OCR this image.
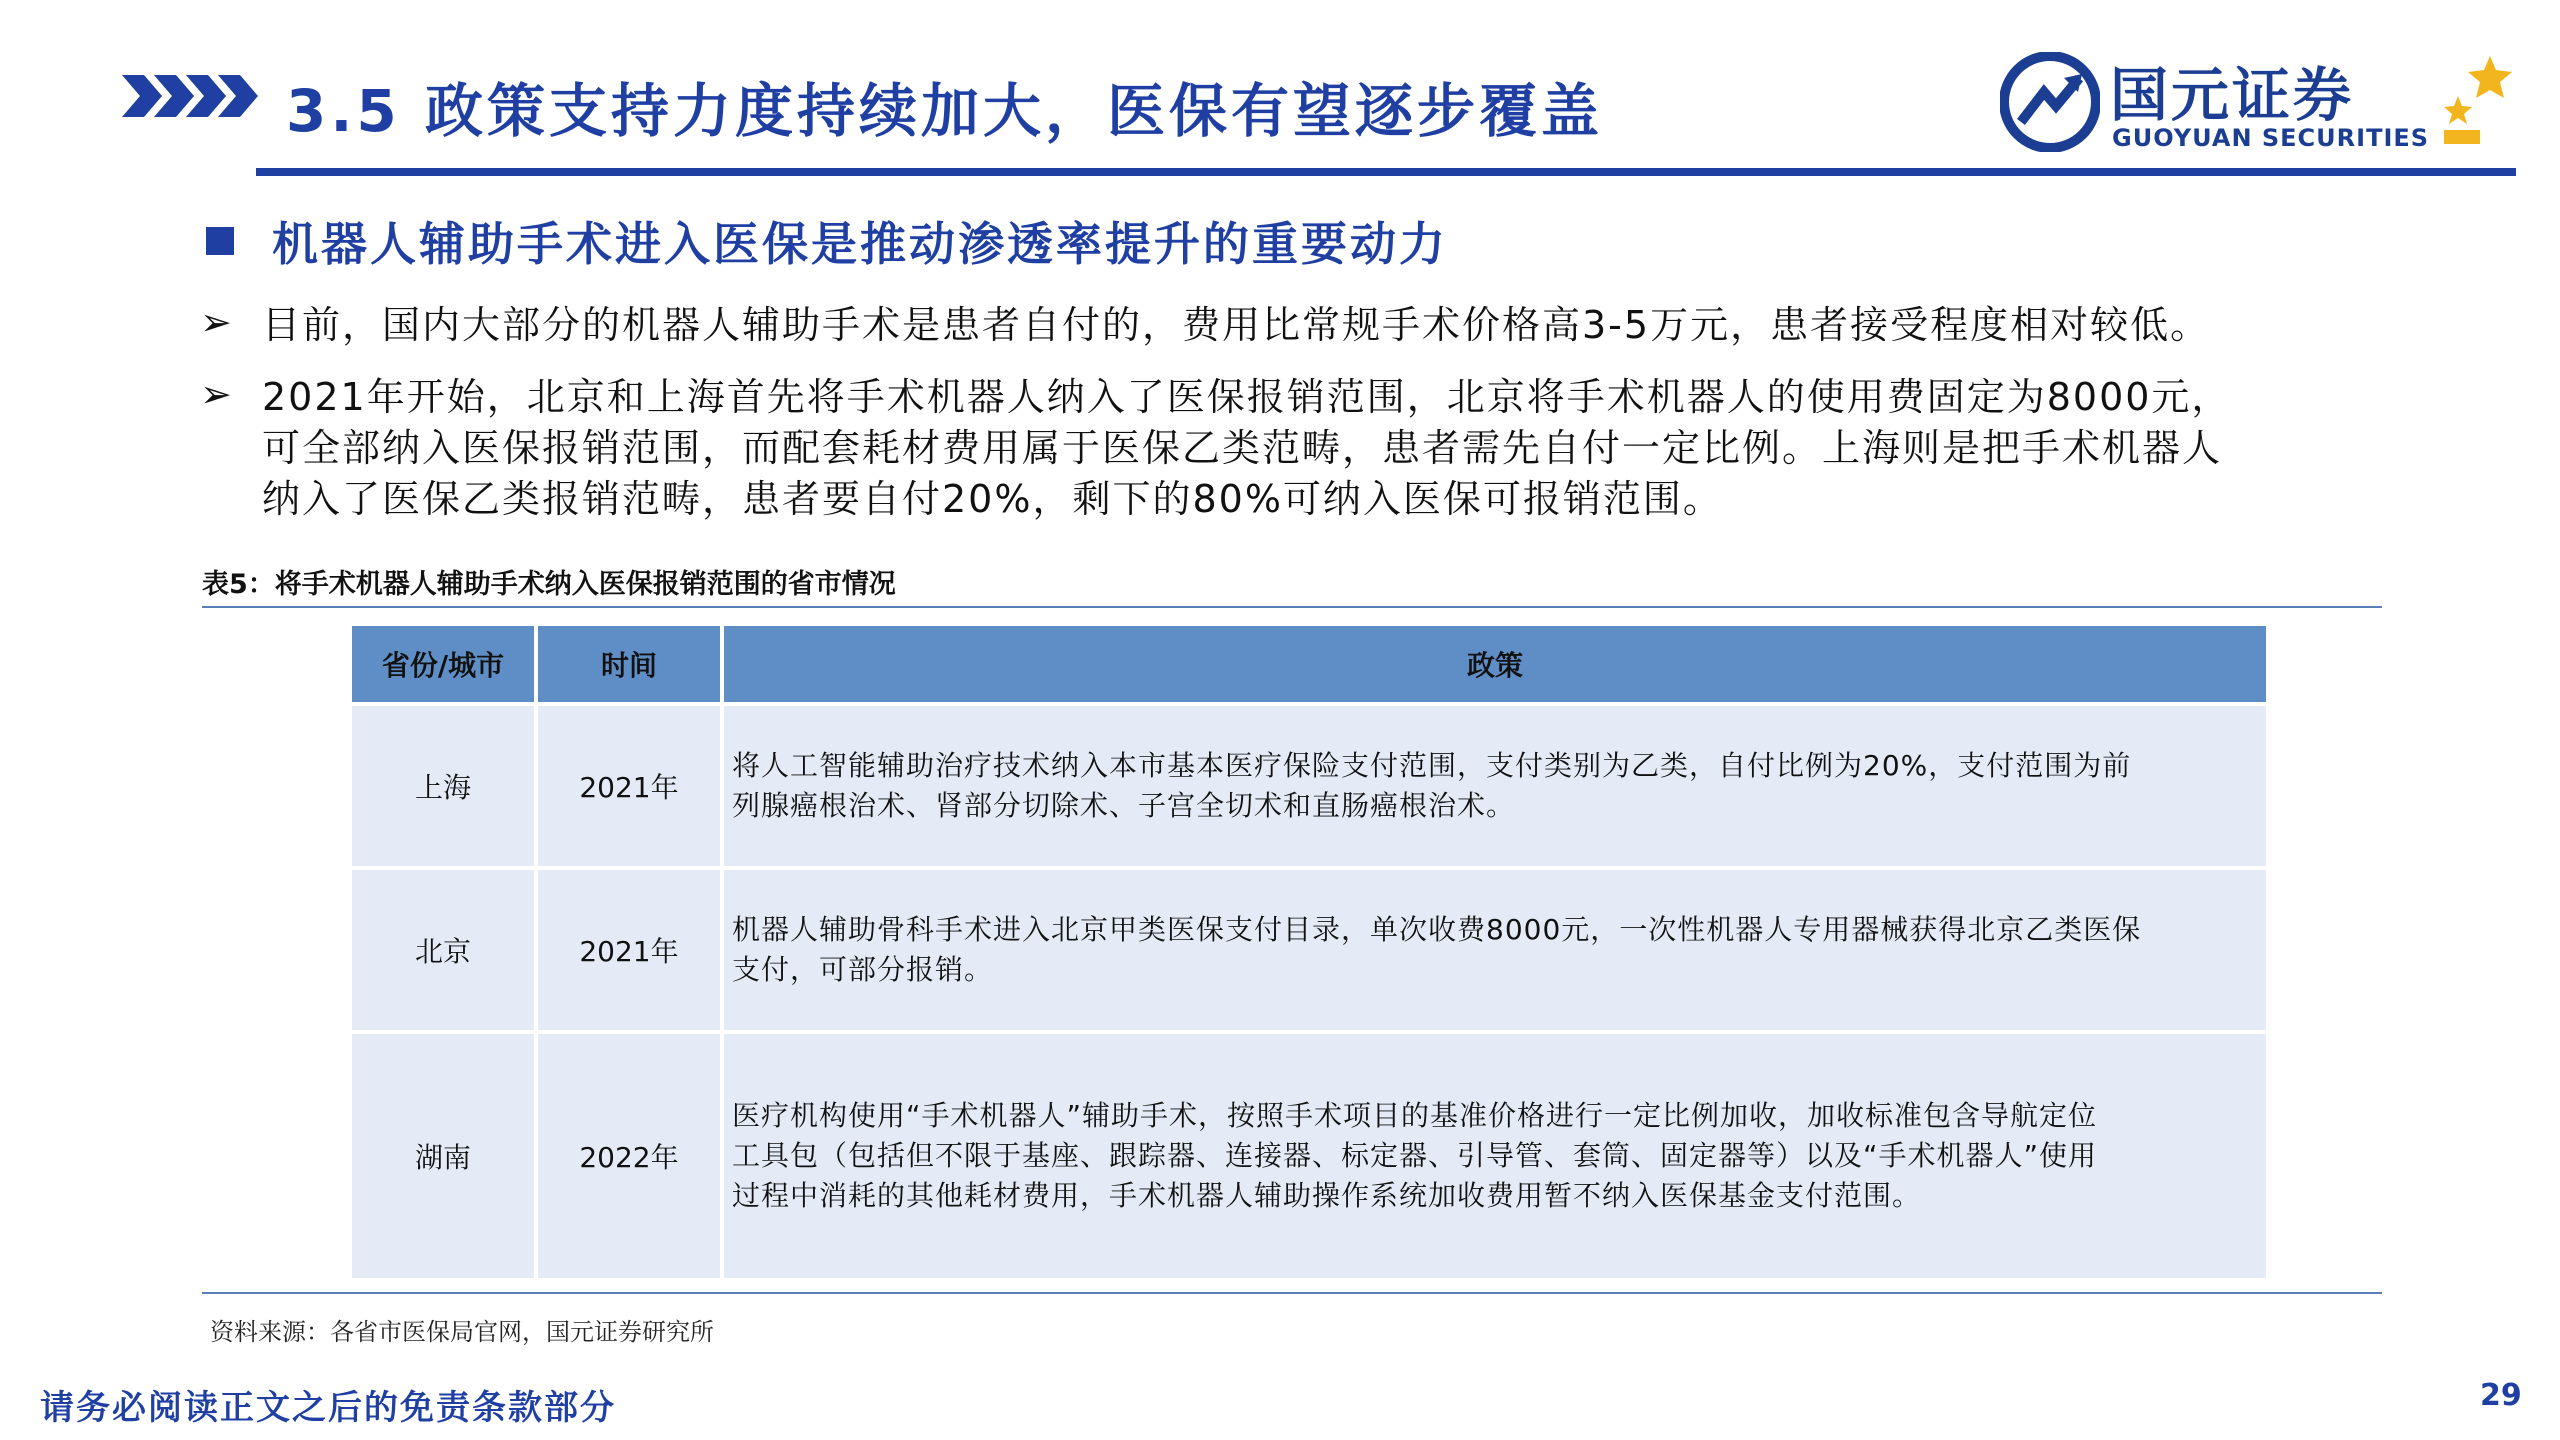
3.5 政策支持力度持续加大，医保有望逐步覆盖	国元证券
GUOYUAN SECURITIES
机器人辅助手术进入医保是推动渗透率提升的重要动力
➢ 目前，国内大部分的机器人辅助手术是患者自付的，费用比常规手术价格高3-5万元，患者接受程度相对较低。
➢ 2021年开始，北京和上海首先将手术机器人纳入了医保报销范围，北京将手术机器人的使用费固定为8000元，
可全部纳入医保报销范围，而配套耗材费用属于医保乙类范畴，患者需先自付一定比例。上海则是把手术机器人
纳入了医保乙类报销范畴，患者要自付20%，剩下的80%可纳入医保可报销范围。
表5：将手术机器人辅助手术纳入医保报销范围的省市情况
省份/城市	时间	政策
上海	2021年	将人工智能辅助治疗技术纳入本市基本医疗保险支付范围，支付类别为乙类，自付比例为20%，支付范围为前
列腺癌根治术、肾部分切除术、子宫全切术和直肠癌根治术。

北京	2021年	机器人辅助骨科手术进入北京甲类医保支付目录，单次收费8000元，一次性机器人专用器械获得北京乙类医保
支付，可部分报销。

湖南	2022年	医疗机构使用“手术机器人”辅助手术，按照手术项目的基准价格进行一定比例加收，加收标准包含导航定位
工具包（包括但不限于基座、跟踪器、连接器、标定器、引导管、套筒、固定器等）以及“手术机器人”使用
过程中消耗的其他耗材费用，手术机器人辅助操作系统加收费用暂不纳入医保基金支付范围。
资料来源：各省市医保局官网，国元证券研究所
请务必阅读正文之后的免责条款部分	29
